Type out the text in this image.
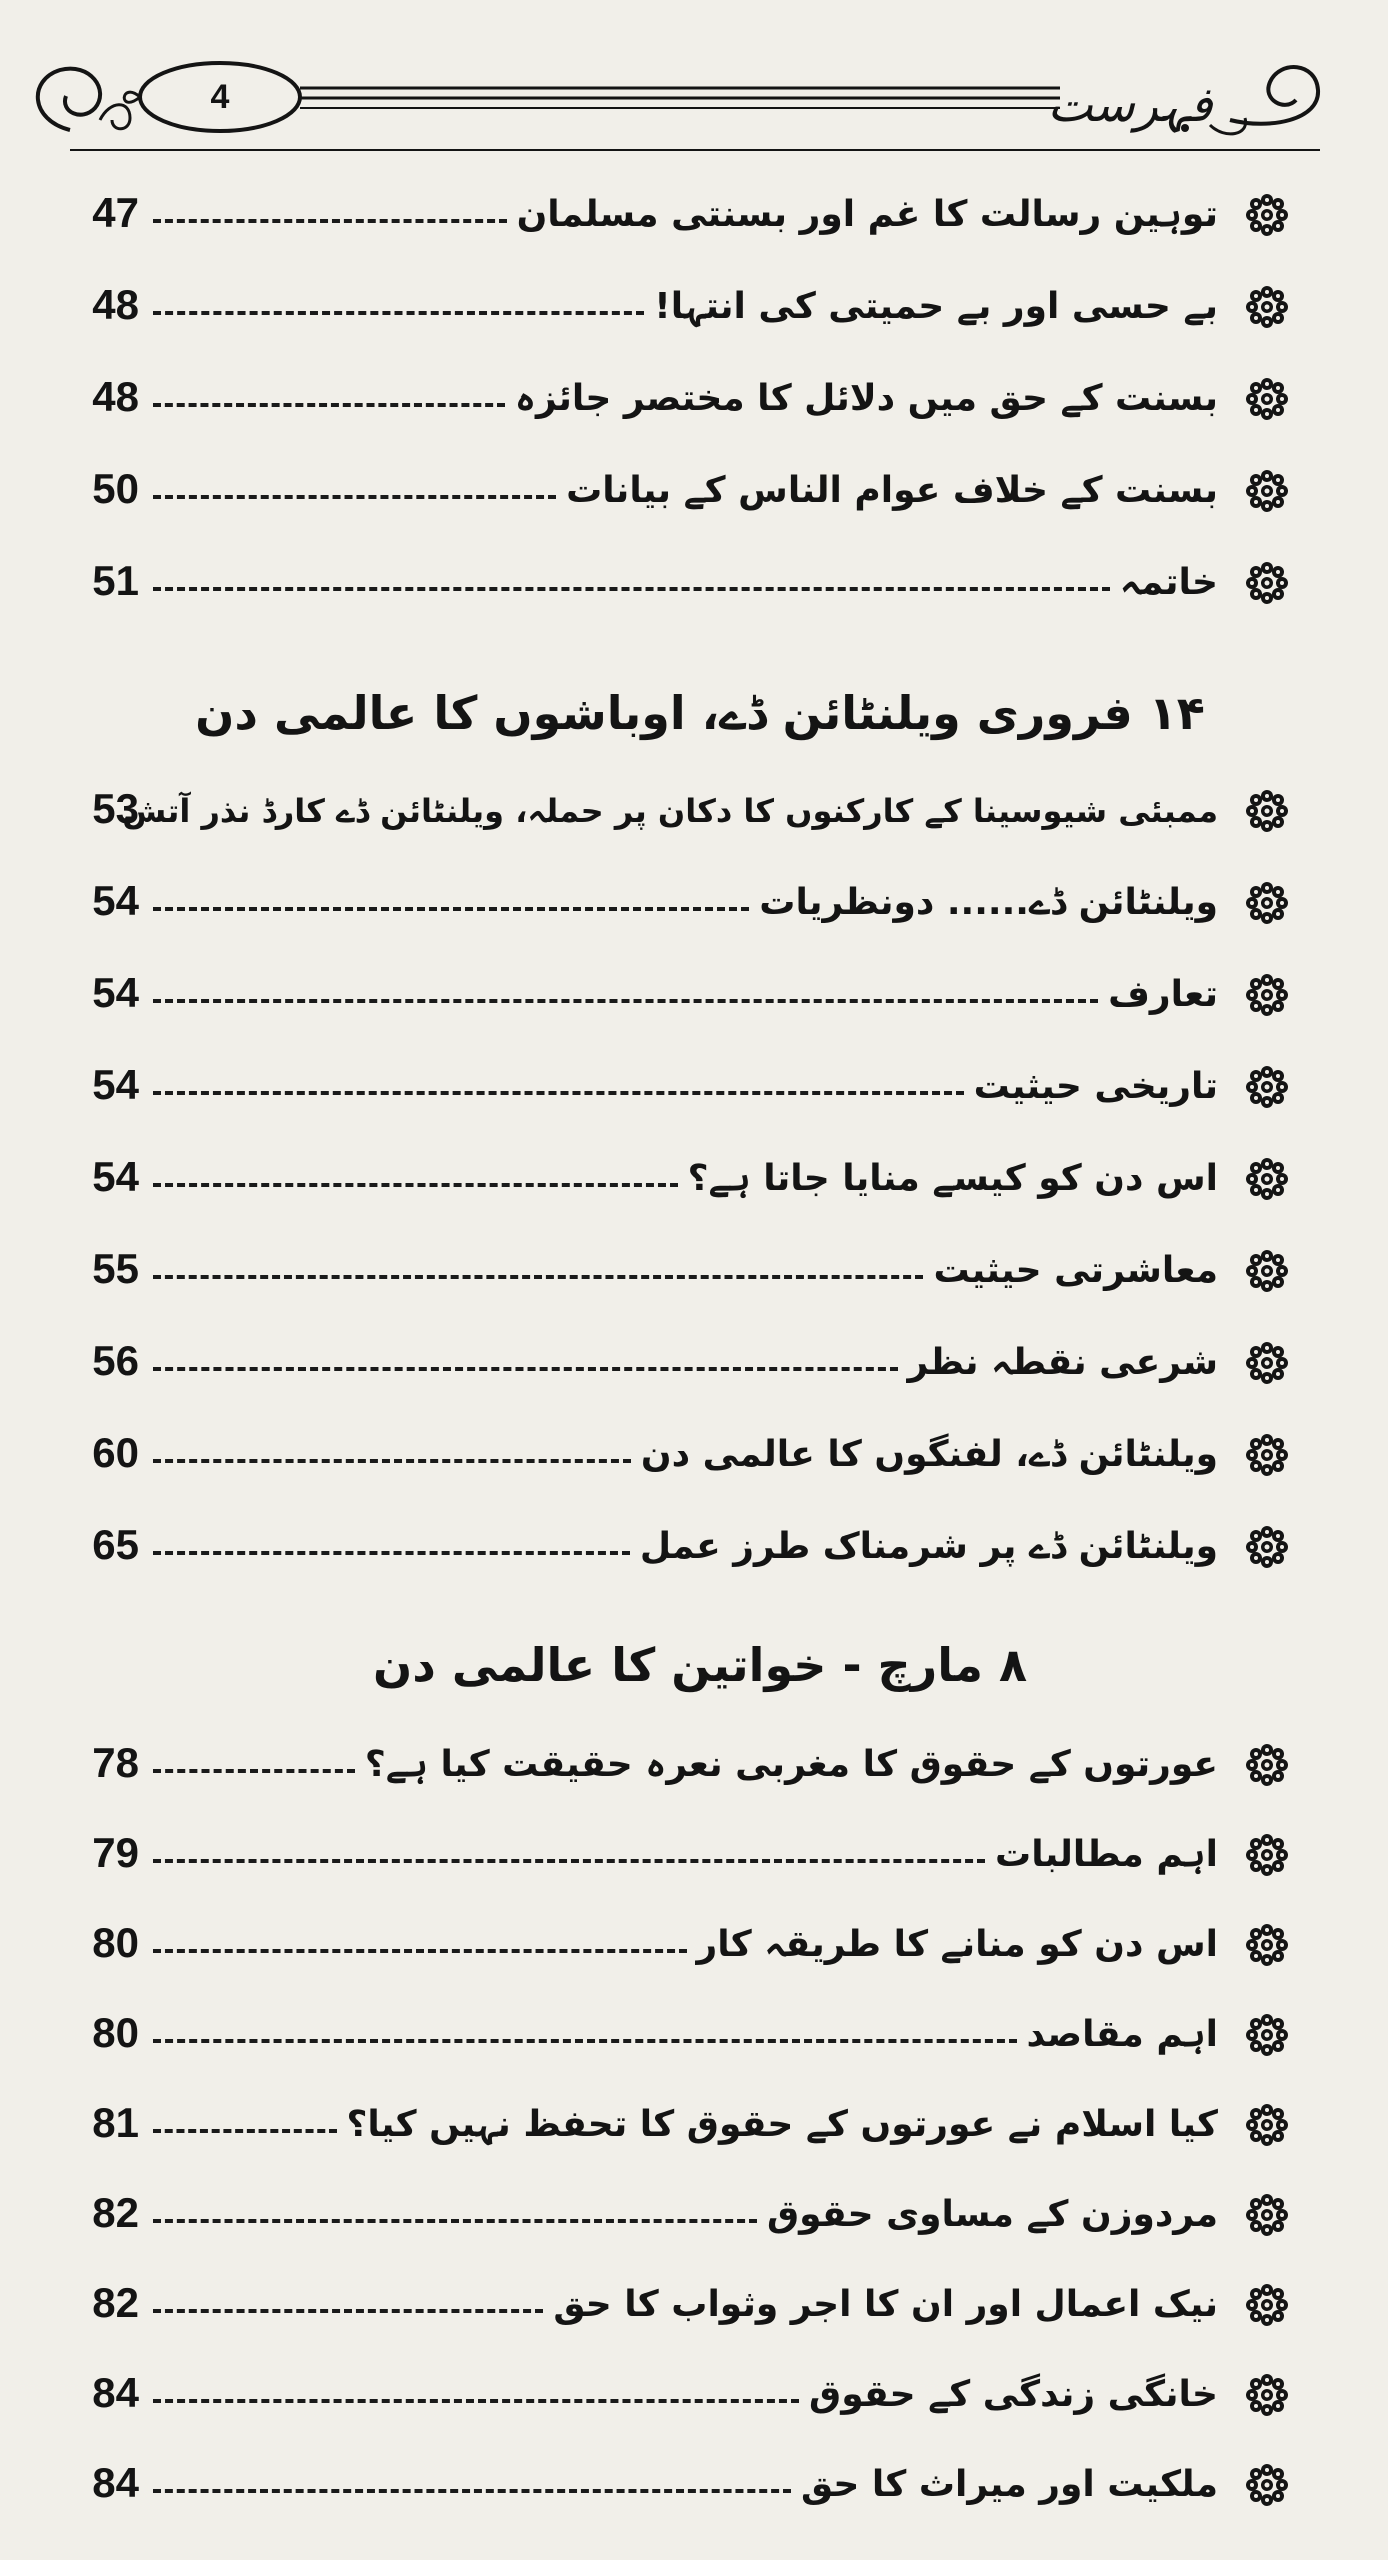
4	فہرست
توہین رسالت کا غم اور بسنتی مسلمان
47
بے حسی اور بے حمیتی کی انتہا!
48
بسنت کے حق میں دلائل کا مختصر جائزہ
48
بسنت کے خلاف عوام الناس کے بیانات
50
خاتمہ
51
۱۴ فروری ویلنٹائن ڈے، اوباشوں کا عالمی دن
ممبئی شیوسینا کے کارکنوں کا دکان پر حملہ، ویلنٹائن ڈے کارڈ نذر آتش
53
ویلنٹائن ڈے...... دونظریات
54
تعارف
54
تاریخی حیثیت
54
اس دن کو کیسے منایا جاتا ہے؟
54
معاشرتی حیثیت
55
شرعی نقطہ نظر
56
ویلنٹائن ڈے، لفنگوں کا عالمی دن
60
ویلنٹائن ڈے پر شرمناک طرز عمل
65
۸ مارچ - خواتین کا عالمی دن
عورتوں کے حقوق کا مغربی نعرہ حقیقت کیا ہے؟
78
اہم مطالبات
79
اس دن کو منانے کا طریقہ کار
80
اہم مقاصد
80
کیا اسلام نے عورتوں کے حقوق کا تحفظ نہیں کیا؟
81
مردوزن کے مساوی حقوق
82
نیک اعمال اور ان کا اجر وثواب کا حق
82
خانگی زندگی کے حقوق
84
ملکیت اور میراث کا حق
84
